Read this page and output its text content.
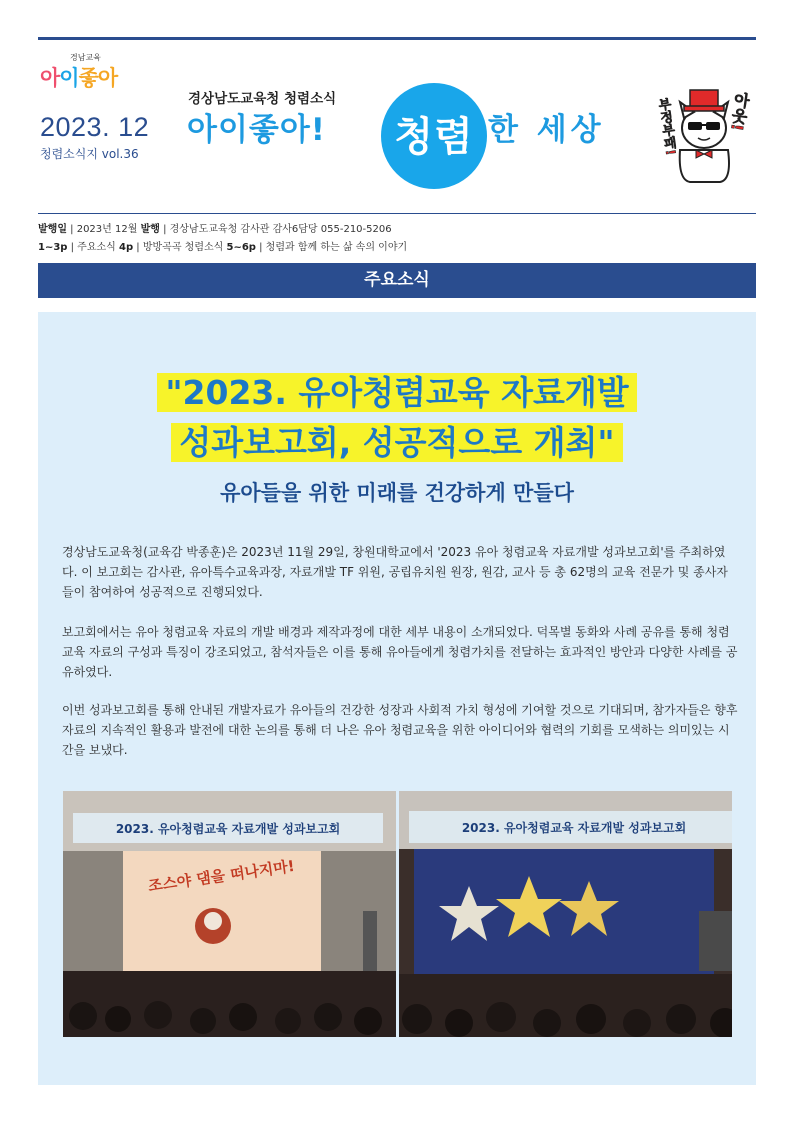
경남교육
아이좋아
2023. 12
청렴소식지 vol.36
경상남도교육청 청렴소식
아이좋아!	청렴 한 세상	부정부패!	아웃!
발행일 | 2023년 12월 발행 | 경상남도교육청 감사관 감사6담당 055-210-5206
1~3p | 주요소식 4p | 방방곡곡 청렴소식 5~6p | 청렴과 함께 하는 삶 속의 이야기
주요소식
"2023. 유아청렴교육 자료개발
성과보고회, 성공적으로 개최"
유아들을 위한 미래를 건강하게 만들다

경상남도교육청(교육감 박종훈)은 2023년 11월 29일, 창원대학교에서 '2023 유아 청렴교육 자료개발 성과보고회'를 주최하였다. 이 보고회는 감사관, 유아특수교육과장, 자료개발 TF 위원, 공립유치원 원장, 원감, 교사 등 총 62명의 교육 전문가 및 종사자들이 참여하여 성공적으로 진행되었다.

보고회에서는 유아 청렴교육 자료의 개발 배경과 제작과정에 대한 세부 내용이 소개되었다. 덕목별 동화와 사례 공유를 통해 청렴교육 자료의 구성과 특징이 강조되었고, 참석자들은 이를 통해 유아들에게 청렴가치를 전달하는 효과적인 방안과 다양한 사례를 공유하였다.

이번 성과보고회를 통해 안내된 개발자료가 유아들의 건강한 성장과 사회적 가치 형성에 기여할 것으로 기대되며, 참가자들은 향후 자료의 지속적인 활용과 발전에 대한 논의를 통해 더 나은 유아 청렴교육을 위한 아이디어와 협력의 기회를 모색하는 의미있는 시간을 보냈다.

2023. 유아청렴교육 자료개발 성과보고회
조스야 댐을 떠나지마!
2023. 유아청렴교육 자료개발 성과보고회
